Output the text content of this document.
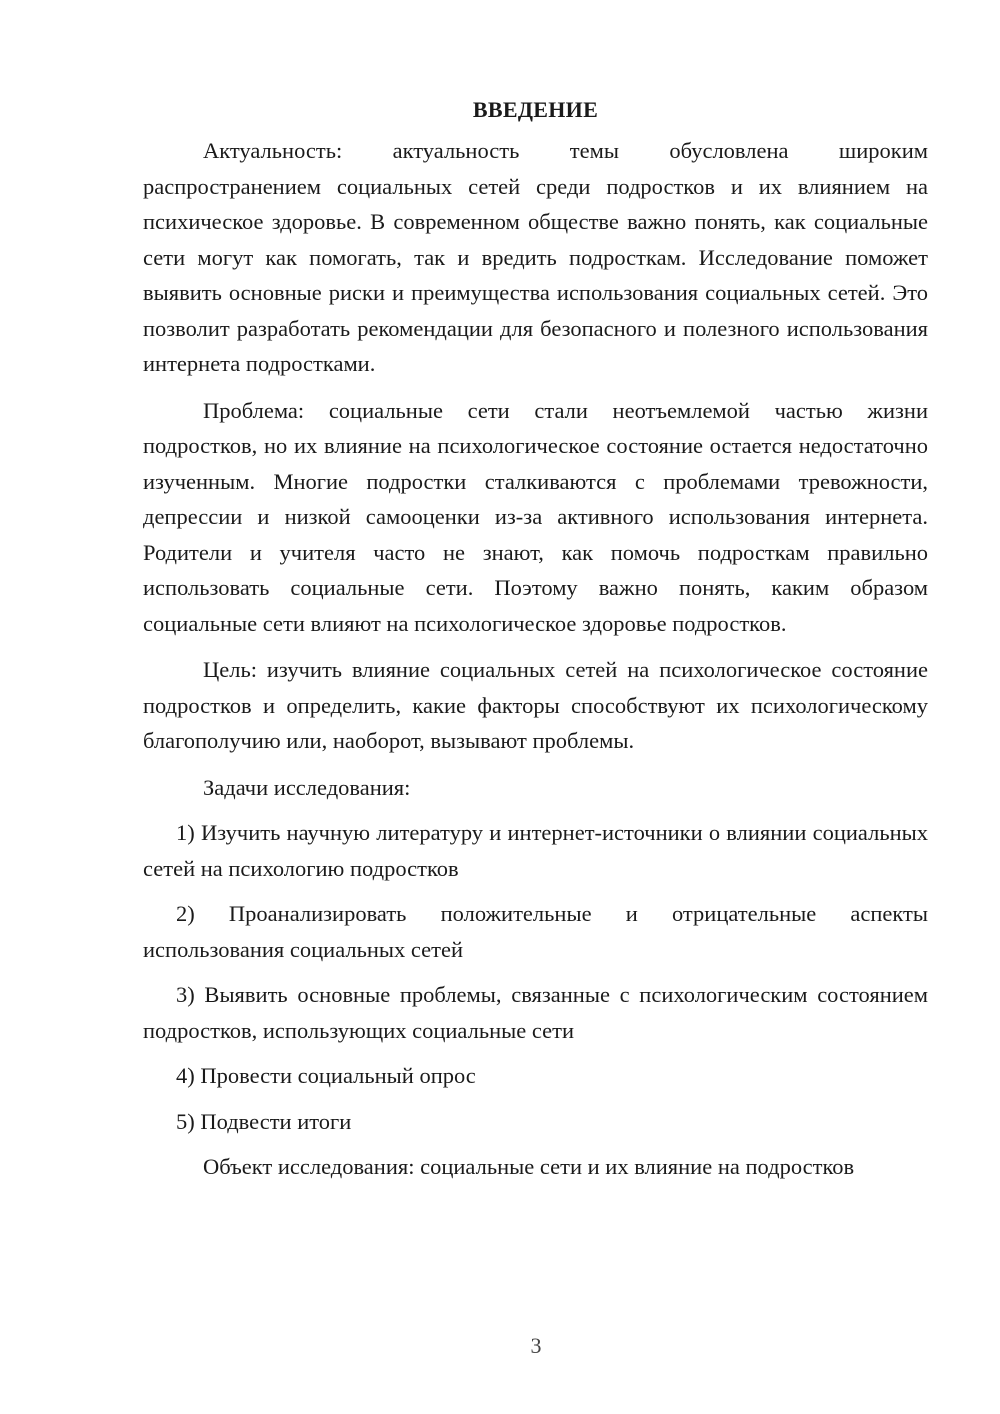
ВВЕДЕНИЕ

Актуальность: актуальность темы обусловлена широким распространением социальных сетей среди подростков и их влиянием на психическое здоровье. В современном обществе важно понять, как социальные сети могут как помогать, так и вредить подросткам. Исследование поможет выявить основные риски и преимущества использования социальных сетей. Это позволит разработать рекомендации для безопасного и полезного использования интернета подростками.

Проблема: социальные сети стали неотъемлемой частью жизни подростков, но их влияние на психологическое состояние остается недостаточно изученным. Многие подростки сталкиваются с проблемами тревожности, депрессии и низкой самооценки из-за активного использования интернета. Родители и учителя часто не знают, как помочь подросткам правильно использовать социальные сети. Поэтому важно понять, каким образом социальные сети влияют на психологическое здоровье подростков.

Цель: изучить влияние социальных сетей на психологическое состояние подростков и определить, какие факторы способствуют их психологическому благополучию или, наоборот, вызывают проблемы.

Задачи исследования:

1) Изучить научную литературу и интернет-источники о влиянии социальных сетей на психологию подростков

2) Проанализировать положительные и отрицательные аспекты использования социальных сетей

3) Выявить основные проблемы, связанные с психологическим состоянием подростков, использующих социальные сети

4) Провести социальный опрос

5) Подвести итоги

Объект исследования: социальные сети и их влияние на подростков

3
